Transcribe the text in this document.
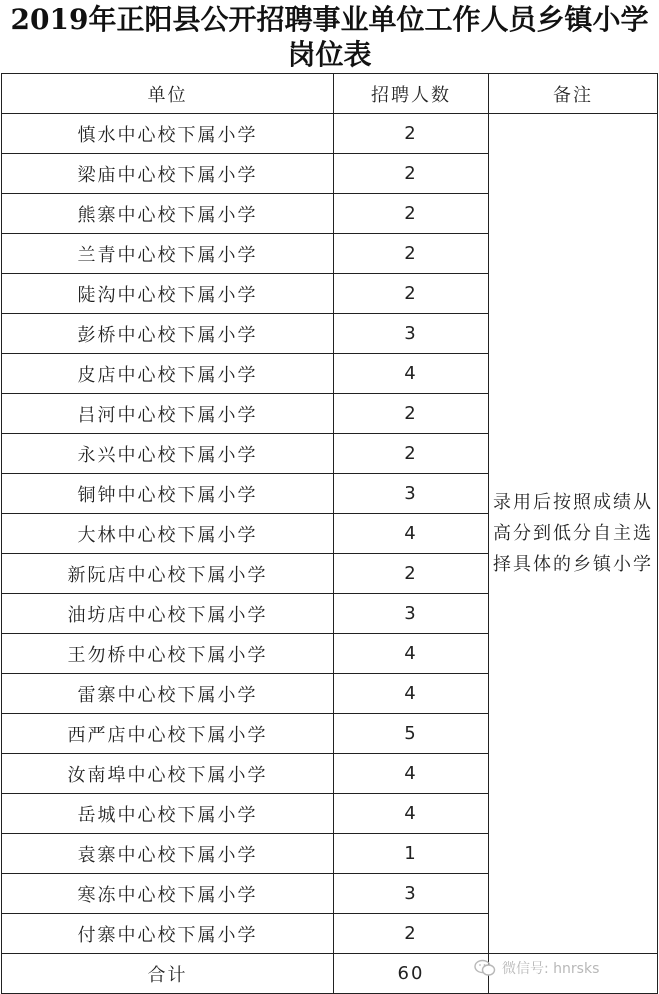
2019年正阳县公开招聘事业单位工作人员乡镇小学岗位表
单位	招聘人数	备注
慎水中心校下属小学	2	录用后按照成绩从高分到低分自主选择具体的乡镇小学
梁庙中心校下属小学	2	
熊寨中心校下属小学	2	
兰青中心校下属小学	2	
陡沟中心校下属小学	2	
彭桥中心校下属小学	3	
皮店中心校下属小学	4	
吕河中心校下属小学	2	
永兴中心校下属小学	2	
铜钟中心校下属小学	3	
大林中心校下属小学	4	
新阮店中心校下属小学	2	
油坊店中心校下属小学	3	
王勿桥中心校下属小学	4	
雷寨中心校下属小学	4	
西严店中心校下属小学	5	
汝南埠中心校下属小学	4	
岳城中心校下属小学	4	
袁寨中心校下属小学	1	
寒冻中心校下属小学	3	
付寨中心校下属小学	2	
合计	60		微信号: hnrsks
